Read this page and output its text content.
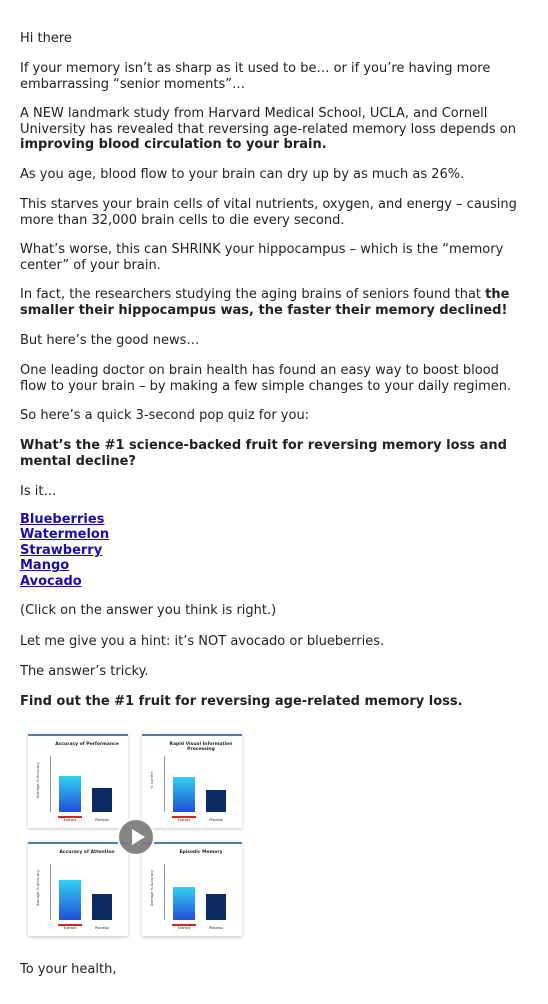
Hi there

If your memory isn’t as sharp as it used to be… or if you’re having more embarrassing “senior moments”…

A NEW landmark study from Harvard Medical School, UCLA, and Cornell University has revealed that reversing age-related memory loss depends on improving blood circulation to your brain.

As you age, blood flow to your brain can dry up by as much as 26%.

This starves your brain cells of vital nutrients, oxygen, and energy – causing more than 32,000 brain cells to die every second.

What’s worse, this can SHRINK your hippocampus – which is the “memory center” of your brain.

In fact, the researchers studying the aging brains of seniors found that the smaller their hippocampus was, the faster their memory declined!

But here’s the good news…

One leading doctor on brain health has found an easy way to boost blood flow to your brain – by making a few simple changes to your daily regimen.

So here’s a quick 3-second pop quiz for you:

What’s the #1 science-backed fruit for reversing memory loss and mental decline?

Is it…

Blueberries
Watermelon
Strawberry
Mango
Avocado

(Click on the answer you think is right.)

Let me give you a hint: it’s NOT avocado or blueberries.

The answer’s tricky.

Find out the #1 fruit for reversing age-related memory loss.

Accuracy of Performance
Average % Accuracy
Extract	Placebo
Rapid Visual Information Processing
% Correct
Extract	Placebo
Accuracy of Attention
Average % Accuracy
Extract	Placebo
Episodic Memory
Average % Accuracy
Extract	Placebo

To your health,
